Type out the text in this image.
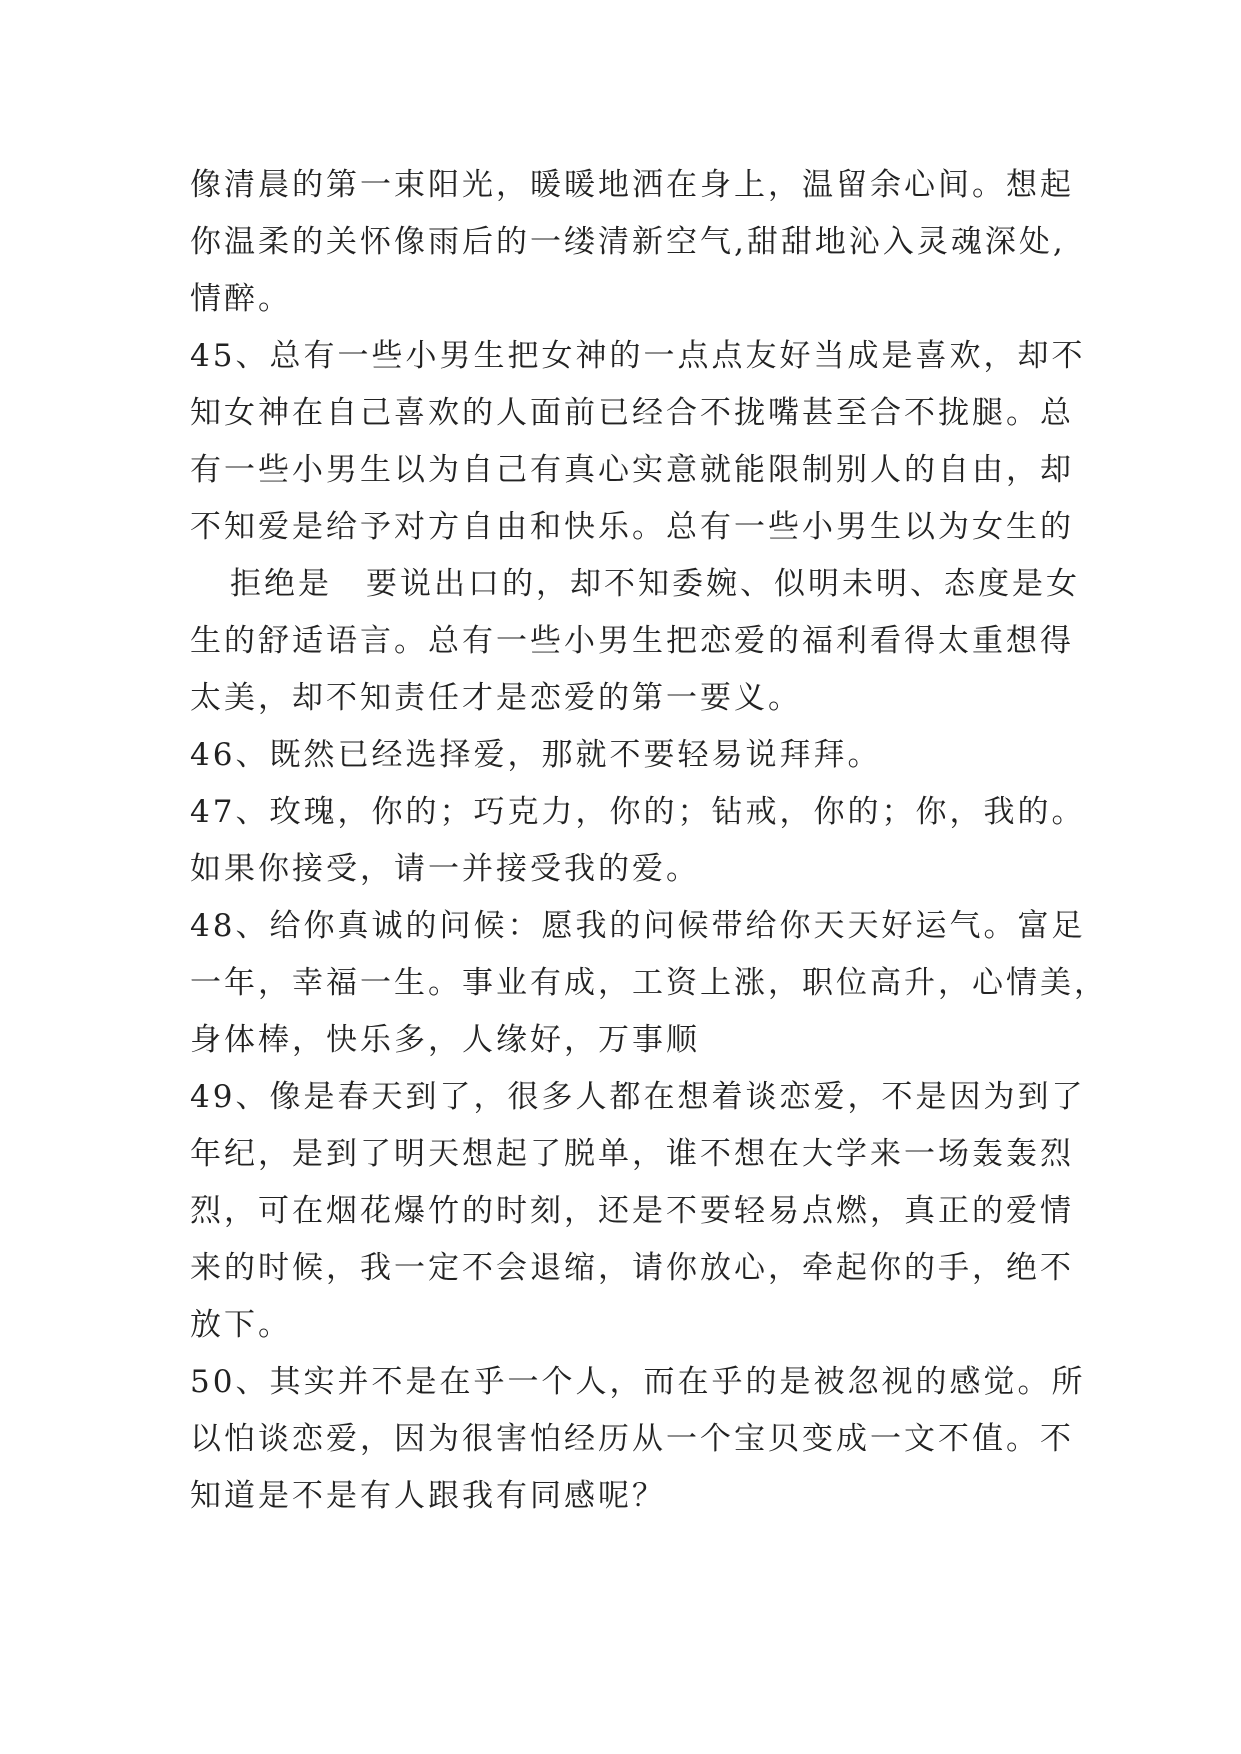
像清晨的第一束阳光，暖暖地洒在身上，温留余心间。想起
你温柔的关怀像雨后的一缕清新空气,甜甜地沁入灵魂深处,
情醉。
45、总有一些小男生把女神的一点点友好当成是喜欢，却不
知女神在自己喜欢的人面前已经合不拢嘴甚至合不拢腿。总
有一些小男生以为自己有真心实意就能限制别人的自由，却
不知爱是给予对方自由和快乐。总有一些小男生以为女生的
拒绝是　要说出口的，却不知委婉、似明未明、态度是女
生的舒适语言。总有一些小男生把恋爱的福利看得太重想得
太美，却不知责任才是恋爱的第一要义。
46、既然已经选择爱，那就不要轻易说拜拜。
47、玫瑰，你的；巧克力，你的；钻戒，你的；你，我的。
如果你接受，请一并接受我的爱。
48、给你真诚的问候：愿我的问候带给你天天好运气。富足
一年，幸福一生。事业有成，工资上涨，职位高升，心情美，
身体棒，快乐多，人缘好，万事顺
49、像是春天到了，很多人都在想着谈恋爱，不是因为到了
年纪，是到了明天想起了脱单，谁不想在大学来一场轰轰烈
烈，可在烟花爆竹的时刻，还是不要轻易点燃，真正的爱情
来的时候，我一定不会退缩，请你放心，牵起你的手，绝不
放下。
50、其实并不是在乎一个人，而在乎的是被忽视的感觉。所
以怕谈恋爱，因为很害怕经历从一个宝贝变成一文不值。不
知道是不是有人跟我有同感呢？
